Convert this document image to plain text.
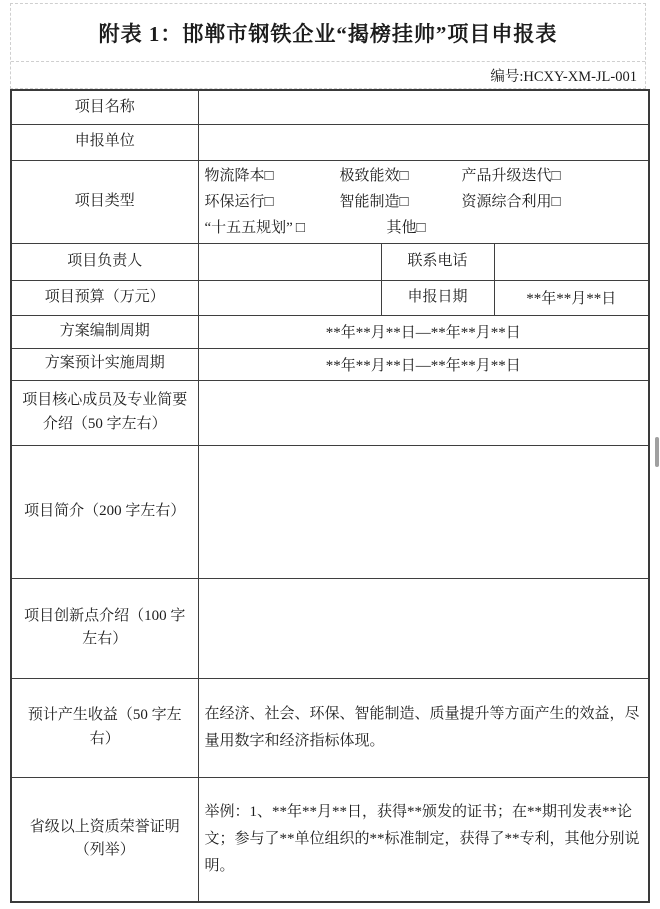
附表 1：邯郸市钢铁企业“揭榜挂帅”项目申报表
编号:HCXY-XM-JL-001
项目名称			
申报单位			
项目类型	物流降本□ 极致能效□ 产品升级迭代□
环保运行□ 智能制造□ 资源综合利用□
“十五五规划” □ 其他□		

项目负责人		联系电话	
项目预算（万元）		申报日期	**年**月**日
方案编制周期	**年**月**日—**年**月**日		
方案预计实施周期	**年**月**日—**年**月**日		
项目核心成员及专业简要介绍（50 字左右）			
项目简介（200 字左右）			
项目创新点介绍（100 字左右）			
预计产生收益（50 字左右）	在经济、社会、环保、智能制造、质量提升等方面产生的效益，尽量用数字和经济指标体现。		
省级以上资质荣誉证明（列举）	举例：1、**年**月**日，获得**颁发的证书；在**期刊发表**论文；参与了**单位组织的**标准制定，获得了**专利，其他分别说明。		
